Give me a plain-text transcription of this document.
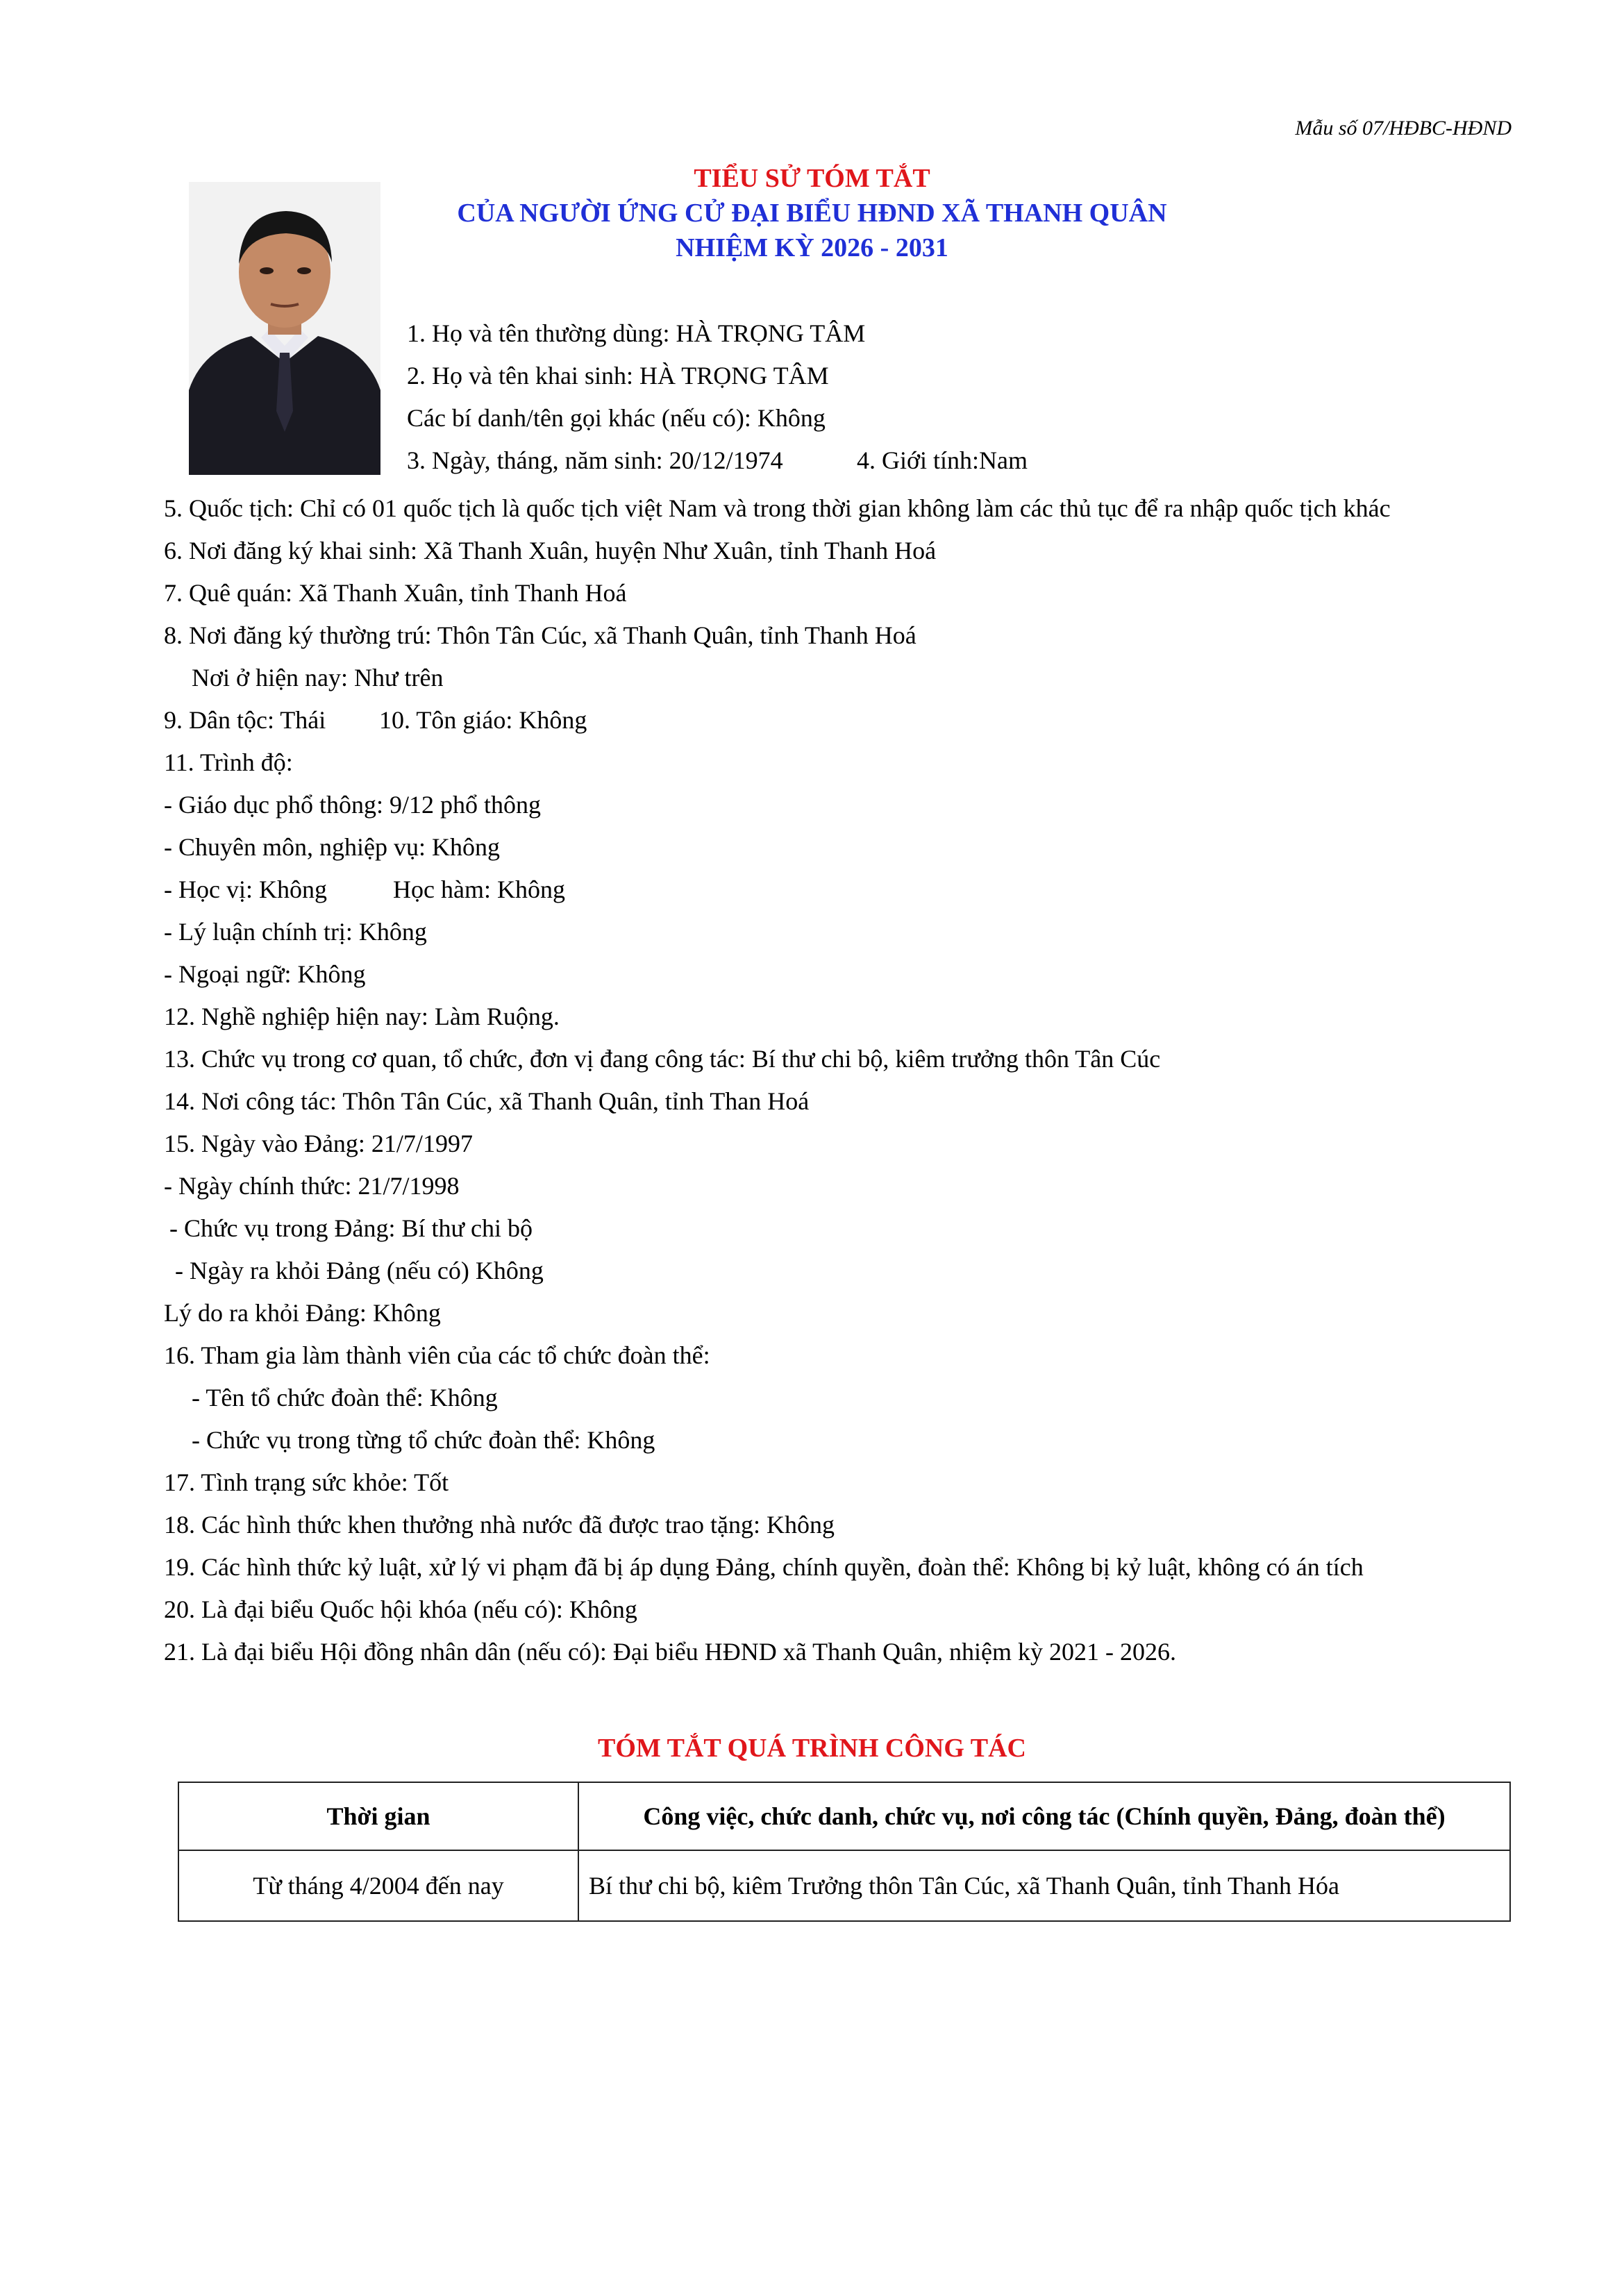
Mẫu số 07/HĐBC-HĐND
TIỂU SỬ TÓM TẮT
CỦA NGƯỜI ỨNG CỬ ĐẠI BIỂU HĐND XÃ THANH QUÂN
NHIỆM KỲ 2026 - 2031
1. Họ và tên thường dùng: HÀ TRỌNG TÂM
2. Họ và tên khai sinh: HÀ TRỌNG TÂM
Các bí danh/tên gọi khác (nếu có): Không
3. Ngày, tháng, năm sinh: 20/12/1974	4. Giới tính:Nam
5. Quốc tịch: Chỉ có 01 quốc tịch là quốc tịch việt Nam và trong thời gian không làm các thủ tục để ra nhập quốc tịch khác
6. Nơi đăng ký khai sinh: Xã Thanh Xuân, huyện Như Xuân, tỉnh Thanh Hoá
7. Quê quán: Xã Thanh Xuân, tỉnh Thanh Hoá
8. Nơi đăng ký thường trú: Thôn Tân Cúc, xã Thanh Quân, tỉnh Thanh Hoá
Nơi ở hiện nay: Như trên
9. Dân tộc: Thái 10. Tôn giáo: Không
11. Trình độ:
- Giáo dục phổ thông: 9/12 phổ thông
- Chuyên môn, nghiệp vụ: Không
- Học vị: Không	Học hàm: Không
- Lý luận chính trị: Không
- Ngoại ngữ: Không
12. Nghề nghiệp hiện nay: Làm Ruộng.
13. Chức vụ trong cơ quan, tổ chức, đơn vị đang công tác: Bí thư chi bộ, kiêm trưởng thôn Tân Cúc
14. Nơi công tác: Thôn Tân Cúc, xã Thanh Quân, tỉnh Than Hoá
15. Ngày vào Đảng: 21/7/1997
- Ngày chính thức: 21/7/1998
- Chức vụ trong Đảng: Bí thư chi bộ
- Ngày ra khỏi Đảng (nếu có) Không
Lý do ra khỏi Đảng: Không
16. Tham gia làm thành viên của các tổ chức đoàn thể:
- Tên tổ chức đoàn thể: Không
- Chức vụ trong từng tổ chức đoàn thể: Không
17. Tình trạng sức khỏe: Tốt
18. Các hình thức khen thưởng nhà nước đã được trao tặng: Không
19. Các hình thức kỷ luật, xử lý vi phạm đã bị áp dụng Đảng, chính quyền, đoàn thể: Không bị kỷ luật, không có án tích
20. Là đại biểu Quốc hội khóa (nếu có): Không
21. Là đại biểu Hội đồng nhân dân (nếu có): Đại biểu HĐND xã Thanh Quân, nhiệm kỳ 2021 - 2026.
TÓM TẮT QUÁ TRÌNH CÔNG TÁC
Thời gian	Công việc, chức danh, chức vụ, nơi công tác (Chính quyền, Đảng, đoàn thể)
Từ tháng 4/2004 đến nay	Bí thư chi bộ, kiêm Trưởng thôn Tân Cúc, xã Thanh Quân, tỉnh Thanh Hóa
